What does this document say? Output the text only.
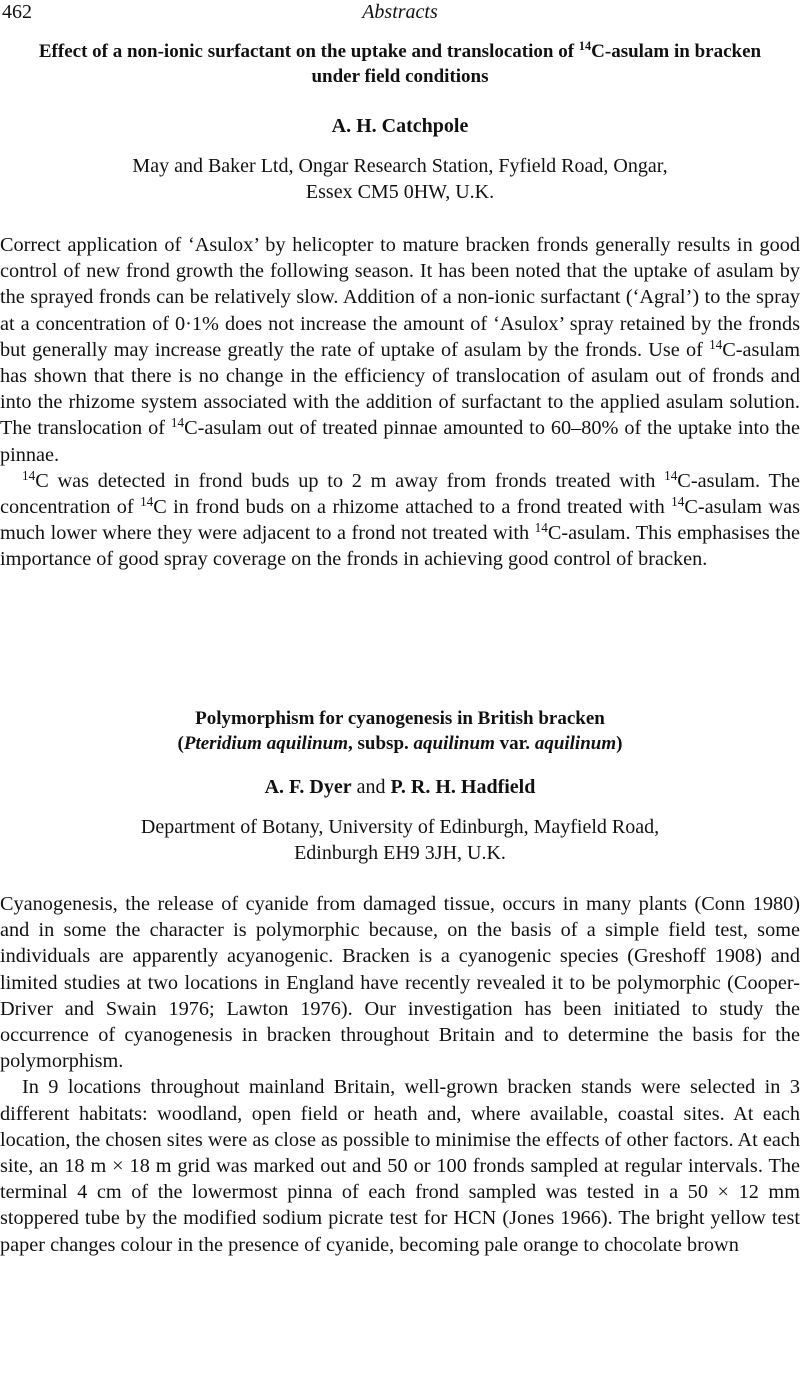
462	Abstracts
Effect of a non-ionic surfactant on the uptake and translocation of $^{14}$C-asulam in bracken under field conditions
A. H. Catchpole
May and Baker Ltd, Ongar Research Station, Fyfield Road, Ongar,
Essex CM5 0HW, U.K.

Correct application of ‘Asulox’ by helicopter to mature bracken fronds generally results in good control of new frond growth the following season. It has been noted that the uptake of asulam by the sprayed fronds can be relatively slow. Addition of a non-ionic surfactant (‘Agral’) to the spray at a concentration of 0·1% does not increase the amount of ‘Asulox’ spray retained by the fronds but generally may increase greatly the rate of uptake of asulam by the fronds. Use of $^{14}$C-asulam has shown that there is no change in the efficiency of translocation of asulam out of fronds and into the rhizome system associated with the addition of surfactant to the applied asulam solution. The translocation of $^{14}$C-asulam out of treated pinnae amounted to 60–80% of the uptake into the pinnae.

$^{14}$C was detected in frond buds up to 2 m away from fronds treated with $^{14}$C-asulam. The concentration of $^{14}$C in frond buds on a rhizome attached to a frond treated with $^{14}$C-asulam was much lower where they were adjacent to a frond not treated with $^{14}$C-asulam. This emphasises the importance of good spray coverage on the fronds in achieving good control of bracken.

Polymorphism for cyanogenesis in British bracken
(Pteridium aquilinum, subsp. aquilinum var. aquilinum)
A. F. Dyer and P. R. H. Hadfield
Department of Botany, University of Edinburgh, Mayfield Road,
Edinburgh EH9 3JH, U.K.

Cyanogenesis, the release of cyanide from damaged tissue, occurs in many plants (Conn 1980) and in some the character is polymorphic because, on the basis of a simple field test, some individuals are apparently acyanogenic. Bracken is a cyanogenic species (Greshoff 1908) and limited studies at two locations in England have recently revealed it to be polymorphic (Cooper-Driver and Swain 1976; Lawton 1976). Our investigation has been initiated to study the occurrence of cyanogenesis in bracken throughout Britain and to determine the basis for the polymorphism.

In 9 locations throughout mainland Britain, well-grown bracken stands were selected in 3 different habitats: woodland, open field or heath and, where available, coastal sites. At each location, the chosen sites were as close as possible to minimise the effects of other factors. At each site, an 18 m × 18 m grid was marked out and 50 or 100 fronds sampled at regular intervals. The terminal 4 cm of the lowermost pinna of each frond sampled was tested in a 50 × 12 mm stoppered tube by the modified sodium picrate test for HCN (Jones 1966). The bright yellow test paper changes colour in the presence of cyanide, becoming pale orange to chocolate brown
